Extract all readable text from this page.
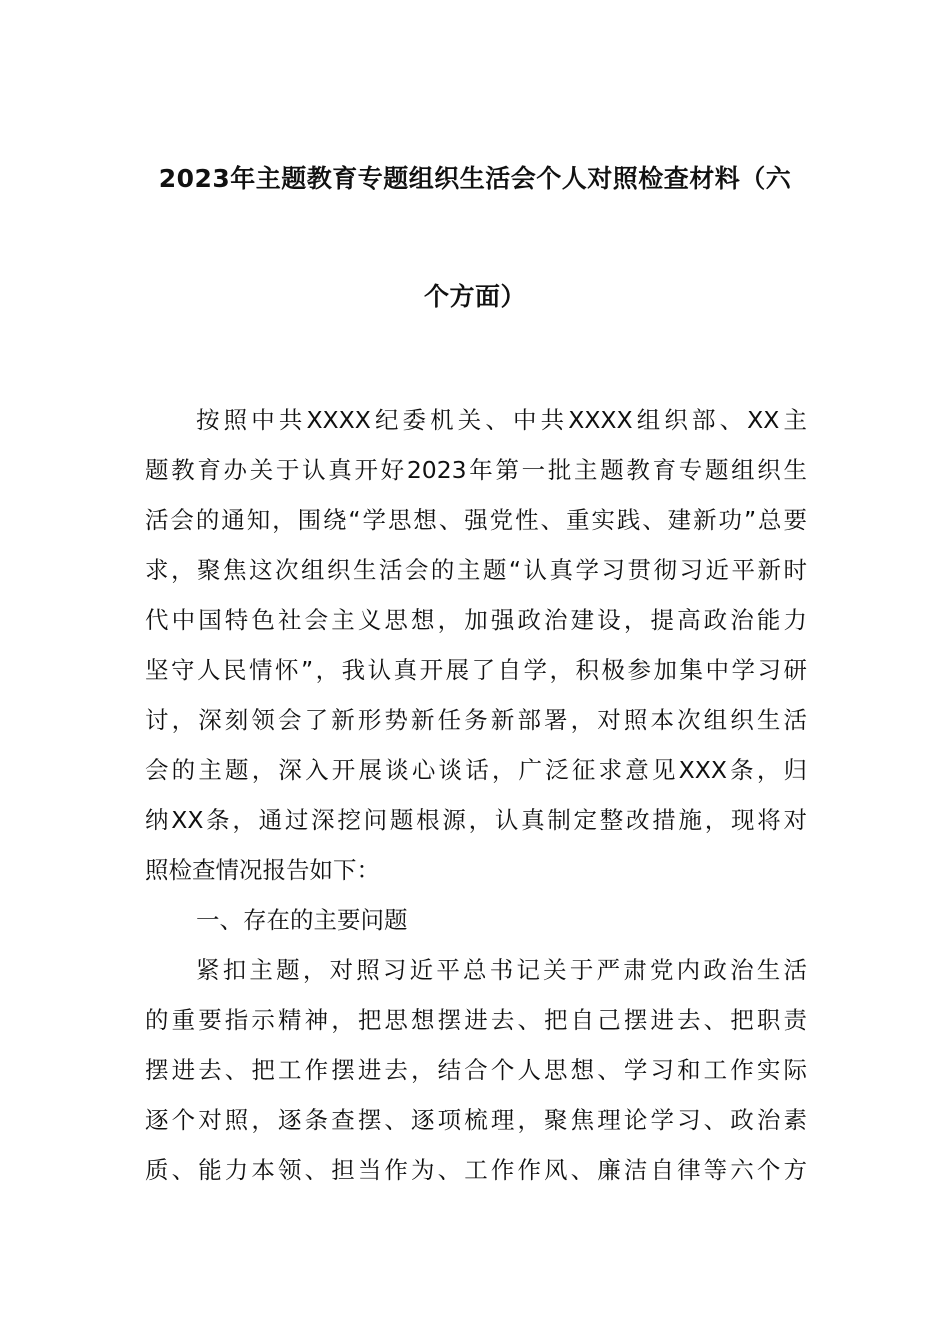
2023年主题教育专题组织生活会个人对照检查材料（六
个方面）
按照中共XXXX纪委机关、中共XXXX组织部、XX主
题教育办关于认真开好2023年第一批主题教育专题组织生
活会的通知，围绕“学思想、强党性、重实践、建新功”总要
求，聚焦这次组织生活会的主题“认真学习贯彻习近平新时
代中国特色社会主义思想，加强政治建设，提高政治能力
坚守人民情怀”，我认真开展了自学，积极参加集中学习研
讨，深刻领会了新形势新任务新部署，对照本次组织生活
会的主题，深入开展谈心谈话，广泛征求意见XXX条，归
纳XX条，通过深挖问题根源，认真制定整改措施，现将对
照检查情况报告如下：
一、存在的主要问题
紧扣主题，对照习近平总书记关于严肃党内政治生活
的重要指示精神，把思想摆进去、把自己摆进去、把职责
摆进去、把工作摆进去，结合个人思想、学习和工作实际
逐个对照，逐条查摆、逐项梳理，聚焦理论学习、政治素
质、能力本领、担当作为、工作作风、廉洁自律等六个方
